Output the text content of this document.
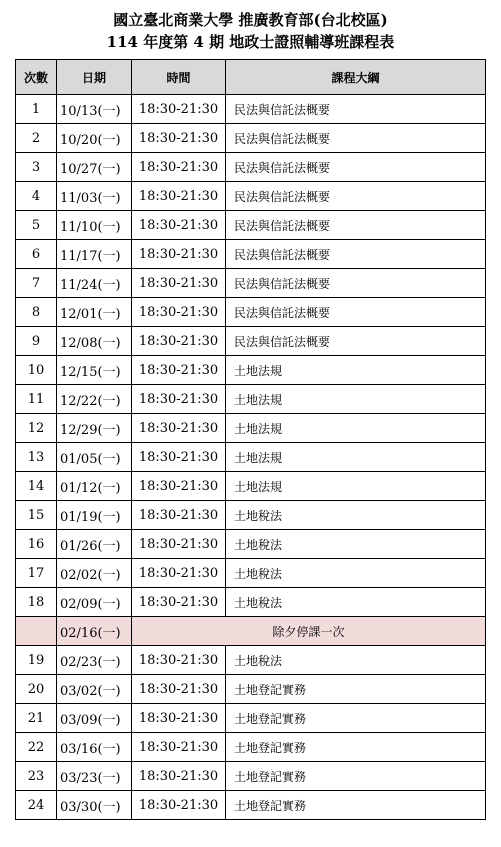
國立臺北商業大學 推廣教育部(台北校區)
114 年度第 4 期 地政士證照輔導班課程表
次數	日期	時間	課程大綱
1	10/13(一)	18:30-21:30	民法與信託法概要
2	10/20(一)	18:30-21:30	民法與信託法概要
3	10/27(一)	18:30-21:30	民法與信託法概要
4	11/03(一)	18:30-21:30	民法與信託法概要
5	11/10(一)	18:30-21:30	民法與信託法概要
6	11/17(一)	18:30-21:30	民法與信託法概要
7	11/24(一)	18:30-21:30	民法與信託法概要
8	12/01(一)	18:30-21:30	民法與信託法概要
9	12/08(一)	18:30-21:30	民法與信託法概要
10	12/15(一)	18:30-21:30	土地法規
11	12/22(一)	18:30-21:30	土地法規
12	12/29(一)	18:30-21:30	土地法規
13	01/05(一)	18:30-21:30	土地法規
14	01/12(一)	18:30-21:30	土地法規
15	01/19(一)	18:30-21:30	土地稅法
16	01/26(一)	18:30-21:30	土地稅法
17	02/02(一)	18:30-21:30	土地稅法
18	02/09(一)	18:30-21:30	土地稅法
	02/16(一)	除夕停課一次	
19	02/23(一)	18:30-21:30	土地稅法
20	03/02(一)	18:30-21:30	土地登記實務
21	03/09(一)	18:30-21:30	土地登記實務
22	03/16(一)	18:30-21:30	土地登記實務
23	03/23(一)	18:30-21:30	土地登記實務
24	03/30(一)	18:30-21:30	土地登記實務
